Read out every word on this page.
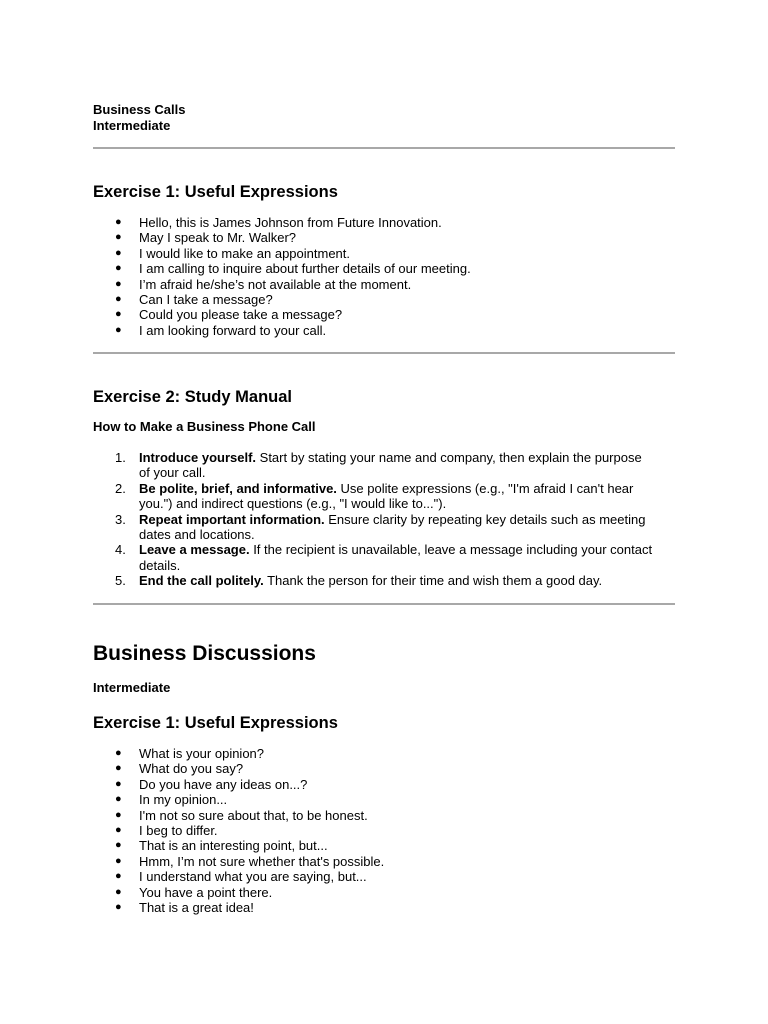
Business Calls
Intermediate
Exercise 1: Useful Expressions
● Hello, this is James Johnson from Future Innovation.
● May I speak to Mr. Walker?
● I would like to make an appointment.
● I am calling to inquire about further details of our meeting.
● I’m afraid he/she’s not available at the moment.
● Can I take a message?
● Could you please take a message?
● I am looking forward to your call.
Exercise 2: Study Manual
How to Make a Business Phone Call
1. Introduce yourself. Start by stating your name and company, then explain the purpose of your call.
2. Be polite, brief, and informative. Use polite expressions (e.g., "I'm afraid I can't hear you.") and indirect questions (e.g., "I would like to...").
3. Repeat important information. Ensure clarity by repeating key details such as meeting dates and locations.
4. Leave a message. If the recipient is unavailable, leave a message including your contact details.
5. End the call politely. Thank the person for their time and wish them a good day.
Business Discussions
Intermediate
Exercise 1: Useful Expressions
● What is your opinion?
● What do you say?
● Do you have any ideas on...?
● In my opinion...
● I'm not so sure about that, to be honest.
● I beg to differ.
● That is an interesting point, but...
● Hmm, I’m not sure whether that's possible.
● I understand what you are saying, but...
● You have a point there.
● That is a great idea!
